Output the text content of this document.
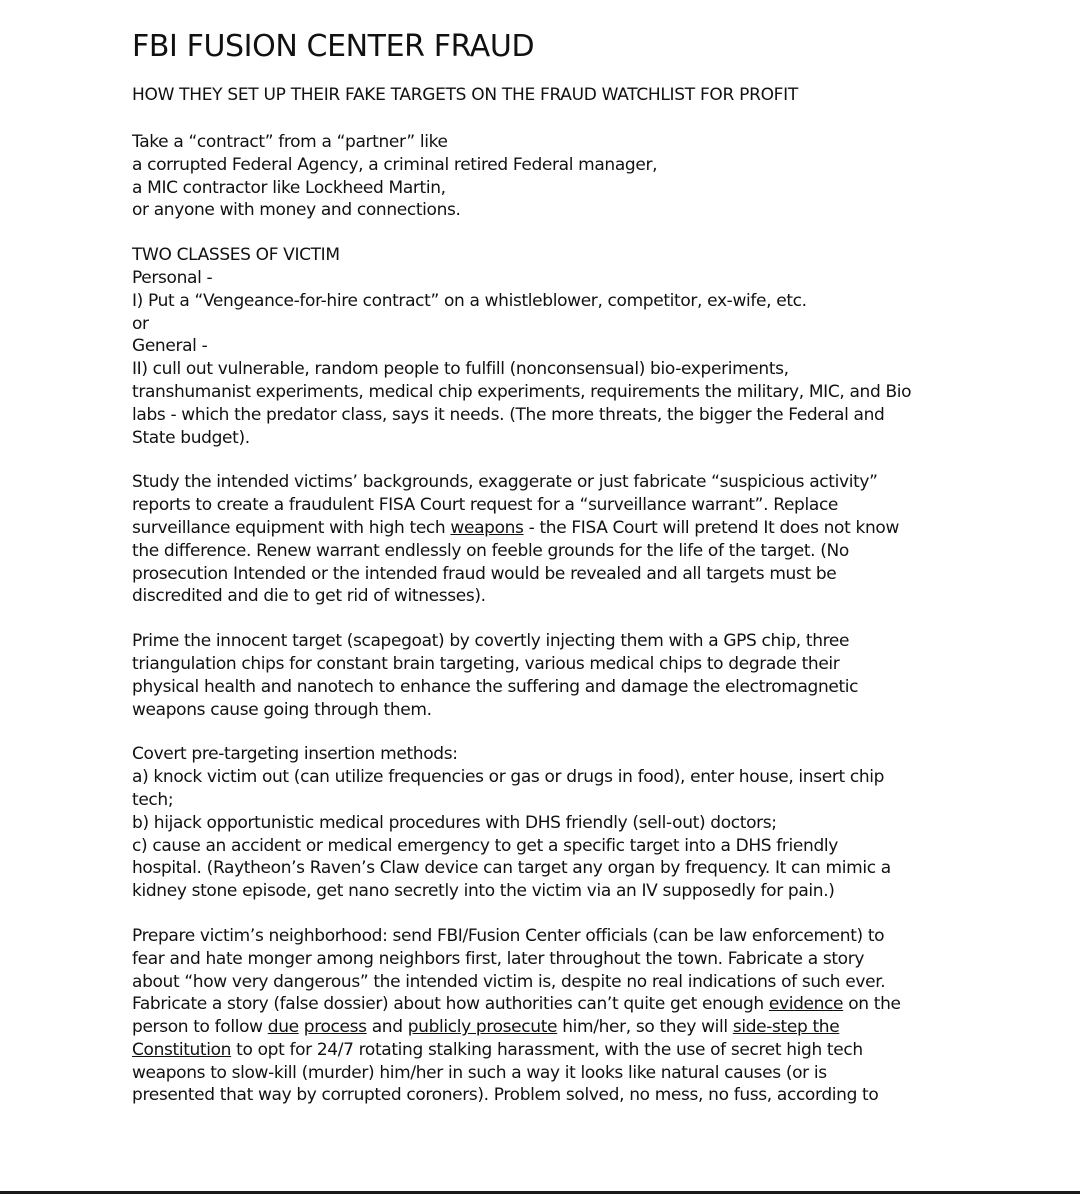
FBI FUSION CENTER FRAUD
HOW THEY SET UP THEIR FAKE TARGETS ON THE FRAUD WATCHLIST FOR PROFIT
Take a “contract” from a “partner” like
a corrupted Federal Agency, a criminal retired Federal manager,
a MIC contractor like Lockheed Martin,
or anyone with money and connections.
TWO CLASSES OF VICTIM
Personal -
I) Put a “Vengeance-for-hire contract” on a whistleblower, competitor, ex-wife, etc.
or
General -
II) cull out vulnerable, random people to fulfill (nonconsensual) bio-experiments,
transhumanist experiments, medical chip experiments, requirements the military, MIC, and Bio
labs - which the predator class, says it needs. (The more threats, the bigger the Federal and
State budget).
Study the intended victims’ backgrounds, exaggerate or just fabricate “suspicious activity”
reports to create a fraudulent FISA Court request for a “surveillance warrant”. Replace
surveillance equipment with high tech weapons - the FISA Court will pretend It does not know
the difference. Renew warrant endlessly on feeble grounds for the life of the target. (No
prosecution Intended or the intended fraud would be revealed and all targets must be
discredited and die to get rid of witnesses).
Prime the innocent target (scapegoat) by covertly injecting them with a GPS chip, three
triangulation chips for constant brain targeting, various medical chips to degrade their
physical health and nanotech to enhance the suffering and damage the electromagnetic
weapons cause going through them.
Covert pre-targeting insertion methods:
a) knock victim out (can utilize frequencies or gas or drugs in food), enter house, insert chip
tech;
b) hijack opportunistic medical procedures with DHS friendly (sell-out) doctors;
c) cause an accident or medical emergency to get a specific target into a DHS friendly
hospital. (Raytheon’s Raven’s Claw device can target any organ by frequency. It can mimic a
kidney stone episode, get nano secretly into the victim via an IV supposedly for pain.)
Prepare victim’s neighborhood: send FBI/Fusion Center officials (can be law enforcement) to
fear and hate monger among neighbors first, later throughout the town. Fabricate a story
about “how very dangerous” the intended victim is, despite no real indications of such ever.
Fabricate a story (false dossier) about how authorities can’t quite get enough evidence on the
person to follow due process and publicly prosecute him/her, so they will side-step the
Constitution to opt for 24/7 rotating stalking harassment, with the use of secret high tech
weapons to slow-kill (murder) him/her in such a way it looks like natural causes (or is
presented that way by corrupted coroners). Problem solved, no mess, no fuss, according to
